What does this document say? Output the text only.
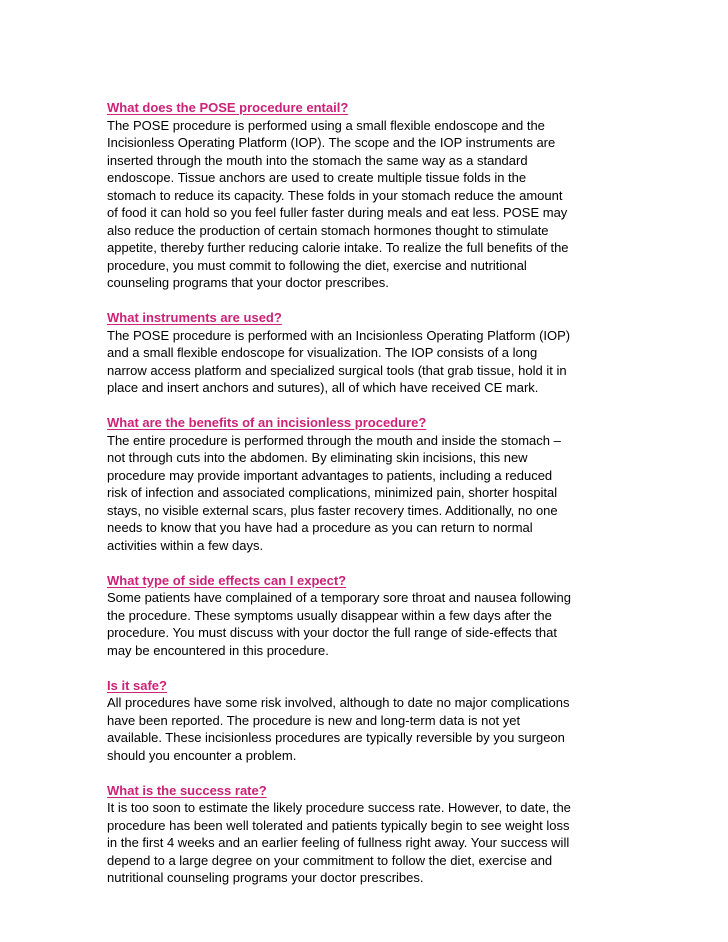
What does the POSE procedure entail?

The POSE procedure is performed using a small flexible endoscope and the
Incisionless Operating Platform (IOP). The scope and the IOP instruments are
inserted through the mouth into the stomach the same way as a standard
endoscope. Tissue anchors are used to create multiple tissue folds in the
stomach to reduce its capacity. These folds in your stomach reduce the amount
of food it can hold so you feel fuller faster during meals and eat less. POSE may
also reduce the production of certain stomach hormones thought to stimulate
appetite, thereby further reducing calorie intake. To realize the full benefits of the
procedure, you must commit to following the diet, exercise and nutritional
counseling programs that your doctor prescribes.

What instruments are used?

The POSE procedure is performed with an Incisionless Operating Platform (IOP)
and a small flexible endoscope for visualization. The IOP consists of a long
narrow access platform and specialized surgical tools (that grab tissue, hold it in
place and insert anchors and sutures), all of which have received CE mark.

What are the benefits of an incisionless procedure?

The entire procedure is performed through the mouth and inside the stomach –
not through cuts into the abdomen. By eliminating skin incisions, this new
procedure may provide important advantages to patients, including a reduced
risk of infection and associated complications, minimized pain, shorter hospital
stays, no visible external scars, plus faster recovery times. Additionally, no one
needs to know that you have had a procedure as you can return to normal
activities within a few days.

What type of side effects can I expect?

Some patients have complained of a temporary sore throat and nausea following
the procedure. These symptoms usually disappear within a few days after the
procedure. You must discuss with your doctor the full range of side-effects that
may be encountered in this procedure.

Is it safe?

All procedures have some risk involved, although to date no major complications
have been reported. The procedure is new and long-term data is not yet
available. These incisionless procedures are typically reversible by you surgeon
should you encounter a problem.

What is the success rate?

It is too soon to estimate the likely procedure success rate. However, to date, the
procedure has been well tolerated and patients typically begin to see weight loss
in the first 4 weeks and an earlier feeling of fullness right away. Your success will
depend to a large degree on your commitment to follow the diet, exercise and
nutritional counseling programs your doctor prescribes.
